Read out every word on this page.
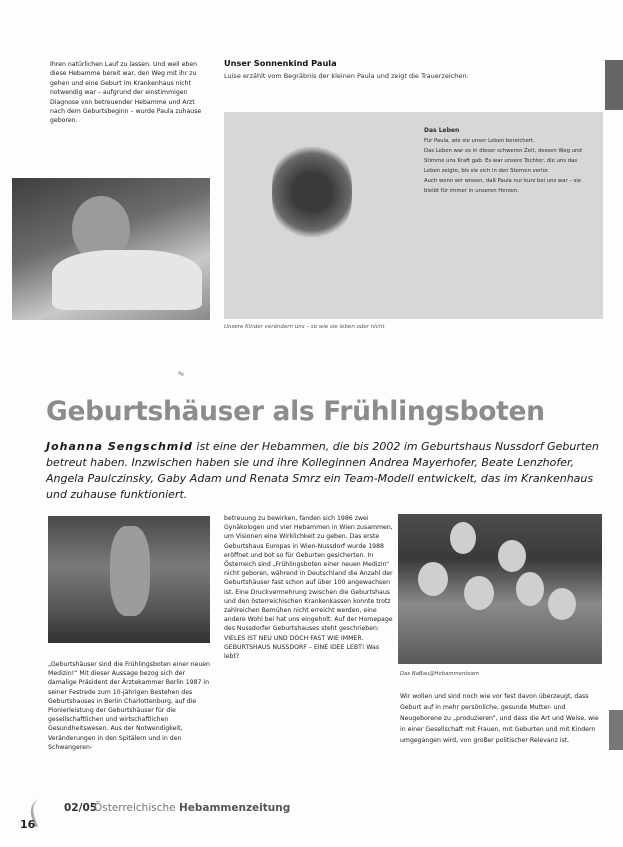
Ihren natürlichen Lauf zu lassen. Und weil eben diese Hebamme bereit war, den Weg mit ihr zu gehen und eine Geburt im Krankenhaus nicht notwendig war – aufgrund der einstimmigen Diagnose von betreuender Hebamme und Arzt nach dem Geburtsbeginn – wurde Paula zuhause geboren.
Unser Sonnenkind Paula
Luise erzählt vom Begräbnis der kleinen Paula und zeigt die Trauerzeichen:
Das Leben
Für Paula, wie sie unser Leben bereichert.
Das Leben war es in dieser schweren Zeit, dessen Weg und Stimme uns Kraft gab. Es war unsere Tochter, die uns das Leben zeigte, bis sie sich in den Sternen verlor.
Auch wenn wir wissen, daß Paula nur kurz bei uns war – sie bleibt für immer in unseren Herzen.
Unsere Kinder verändern uns – so wie sie leben oder nicht
Geburtshäuser als Frühlingsboten
Johanna Sengschmid ist eine der Hebammen, die bis 2002 im Geburtshaus Nussdorf Geburten betreut haben. Inzwischen haben sie und ihre Kolleginnen Andrea Mayerhofer, Beate Lenzhofer, Angela Paulczinsky, Gaby Adam und Renata Smrz ein Team-Modell entwickelt, das im Krankenhaus und zuhause funktioniert.
„Geburtshäuser sind die Frühlingsboten einer neuen Medizin!“ Mit dieser Aussage bezog sich der damalige Präsident der Ärztekammer Berlin 1987 in seiner Festrede zum 10-jährigen Bestehen des Geburtshauses in Berlin Charlottenburg, auf die Pionierleistung der Geburtshäuser für die gesellschaftlichen und wirtschaftlichen Gesundheitswesen. Aus der Notwendigkeit, Veränderungen in den Spitälern und in den Schwangeren-
betreuung zu bewirken, fanden sich 1986 zwei Gynäkologen und vier Hebammen in Wien zusammen, um Visionen eine Wirklichkeit zu geben. Das erste Geburtshaus Europas in Wien-Nussdorf wurde 1988 eröffnet und bot so für Geburten gesicherten. In Österreich sind „Frühlingsboten einer neuen Medizin“ nicht geboren, während in Deutschland die Anzahl der Geburtshäuser fast schon auf über 100 angewachsen ist. Eine Druckvermehrung zwischen die Geburtshaus und den österreichischen Krankenkassen konnte trotz zahlreichen Bemühen nicht erreicht werden, eine andere Wohl bei hat uns eingeholt. Auf der Homepage des Nussdorfer Geburtshauses steht geschrieben: VIELES IST NEU UND DOCH FAST WIE IMMER. GEBURTSHAUS NUSSDORF – EINE IDEE LEBT! Was lebt?
Das NaBau@Hebammenteam
Wir wollen und sind noch wie vor fest davon überzeugt, dass Geburt auf in mehr persönliche, gesunde Mutter- und Neugeborene zu „produzieren“, und dass die Art und Weise, wie in einer Gesellschaft mit Frauen, mit Geburten und mit Kindern umgegangen wird, von großer politischer Relevanz ist.
16
02/05
Österreichische Hebammenzeitung
